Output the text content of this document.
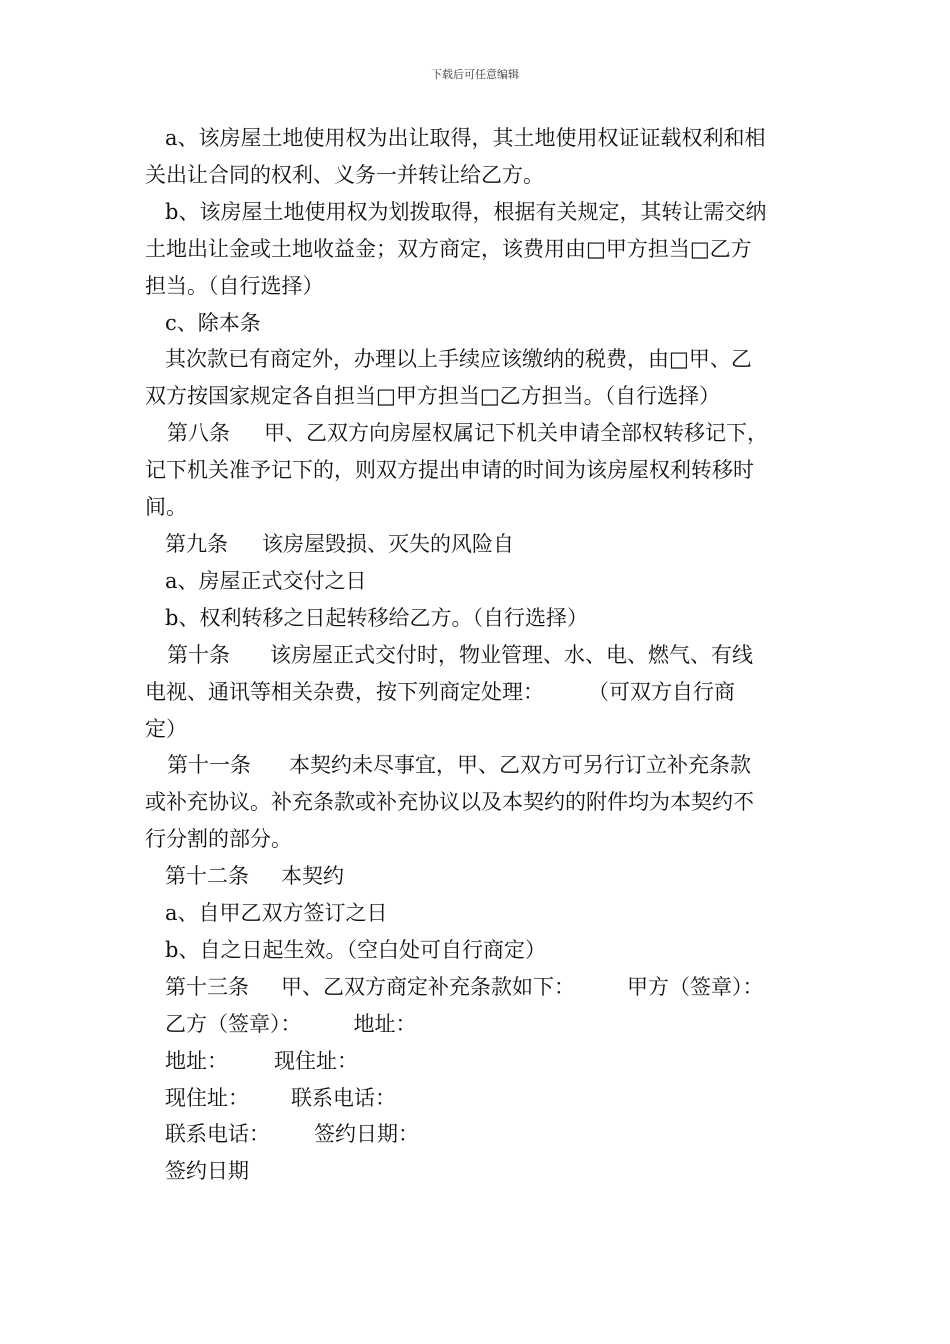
下载后可任意编辑

a、该房屋土地使用权为出让取得，其土地使用权证证载权利和相

关出让合同的权利、义务一并转让给乙方。

b、该房屋土地使用权为划拨取得，根据有关规定，其转让需交纳

土地出让金或土地收益金；双方商定，该费用由□甲方担当□乙方

担当。（自行选择）

c、除本条

其次款已有商定外，办理以上手续应该缴纳的税费，由□甲、乙

双方按国家规定各自担当□甲方担当□乙方担当。（自行选择）

第八条 甲、乙双方向房屋权属记下机关申请全部权转移记下，

记下机关准予记下的，则双方提出申请的时间为该房屋权利转移时

间。

第九条 该房屋毁损、灭失的风险自

a、房屋正式交付之日

b、权利转移之日起转移给乙方。（自行选择）

第十条 该房屋正式交付时，物业管理、水、电、燃气、有线

电视、通讯等相关杂费，按下列商定处理： （可双方自行商

定）

第十一条 本契约未尽事宜，甲、乙双方可另行订立补充条款

或补充协议。补充条款或补充协议以及本契约的附件均为本契约不

行分割的部分。

第十二条 本契约

a、自甲乙双方签订之日

b、自之日起生效。（空白处可自行商定）

第十三条 甲、乙双方商定补充条款如下： 甲方（签章）：

乙方（签章）： 地址：

地址： 现住址：

现住址： 联系电话：

联系电话： 签约日期：

签约日期
